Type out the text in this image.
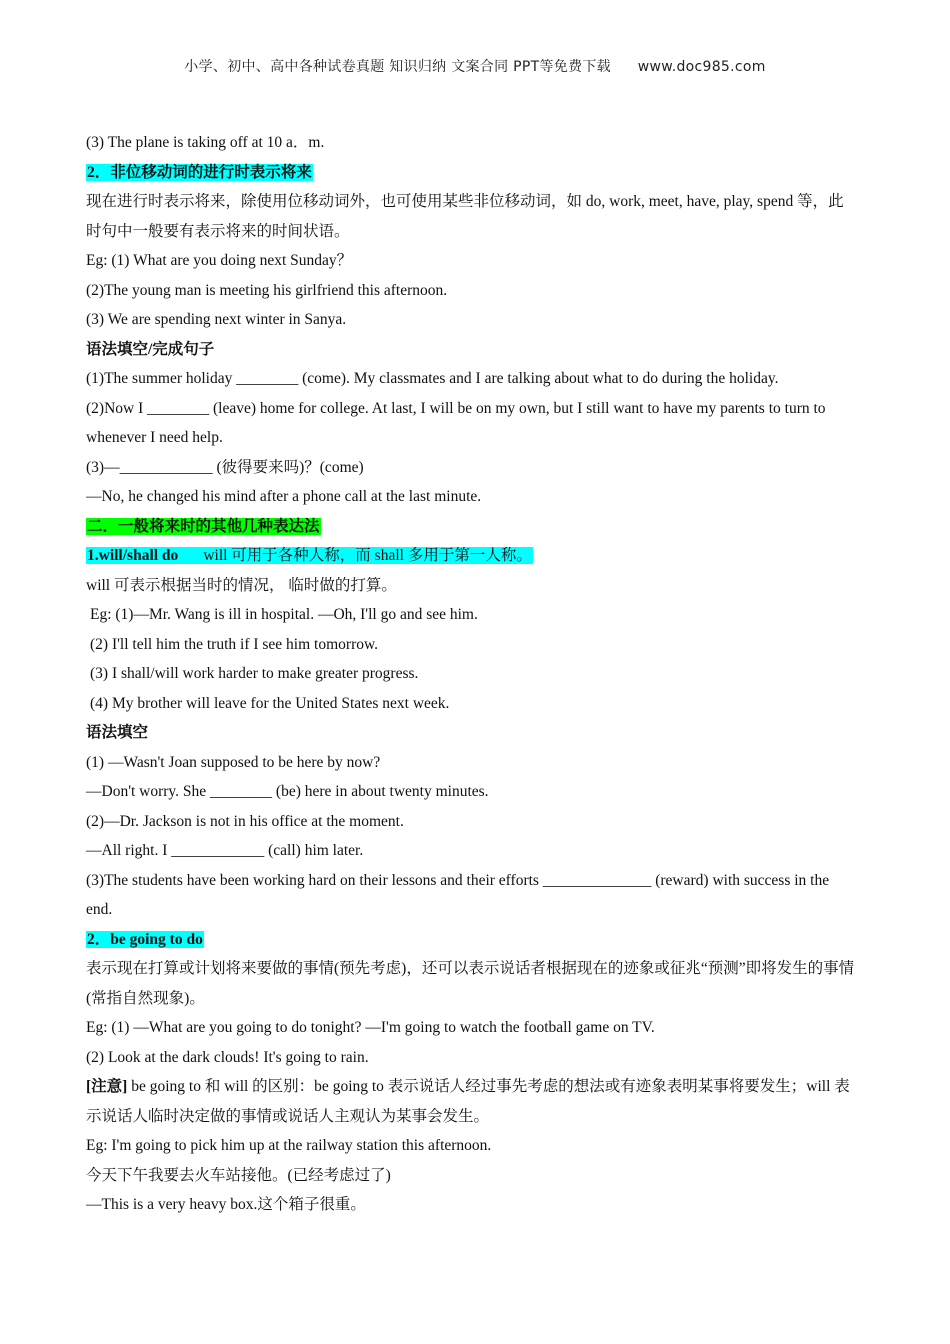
小学、初中、高中各种试卷真题 知识归纳 文案合同 PPT等免费下载 www.doc985.com
(3) The plane is taking off at 10 a．m.
2．非位移动词的进行时表示将来
现在进行时表示将来，除使用位移动词外，也可使用某些非位移动词，如 do, work, meet, have, play, spend 等，此时句中一般要有表示将来的时间状语。
Eg: (1) What are you doing next Sunday？
(2)The young man is meeting his girlfriend this afternoon.
(3) We are spending next winter in Sanya.
语法填空/完成句子
(1)The summer holiday ________ (come). My classmates and I are talking about what to do during the holiday.
(2)Now I ________ (leave) home for college. At last, I will be on my own, but I still want to have my parents to turn to whenever I need help.
(3)—____________ (彼得要来吗)？(come)
—No, he changed his mind after a phone call at the last minute.
二．一般将来时的其他几种表达法
1.will/shall do will 可用于各种人称，而 shall 多用于第一人称。
will 可表示根据当时的情况， 临时做的打算。
Eg: (1)—Mr. Wang is ill in hospital. —Oh, I'll go and see him.
(2) I'll tell him the truth if I see him tomorrow.
(3) I shall/will work harder to make greater progress.
(4) My brother will leave for the United States next week.
语法填空
(1) —Wasn't Joan supposed to be here by now?
—Don't worry. She ________ (be) here in about twenty minutes.
(2)—Dr. Jackson is not in his office at the moment.
—All right. I ____________ (call) him later.
(3)The students have been working hard on their lessons and their efforts ______________ (reward) with success in the end.
2．be going to do
表示现在打算或计划将来要做的事情(预先考虑)，还可以表示说话者根据现在的迹象或征兆“预测”即将发生的事情(常指自然现象)。
Eg: (1) —What are you going to do tonight? —I'm going to watch the football game on TV.
(2) Look at the dark clouds! It's going to rain.
[注意] be going to 和 will 的区别：be going to 表示说话人经过事先考虑的想法或有迹象表明某事将要发生；will 表示说话人临时决定做的事情或说话人主观认为某事会发生。
Eg: I'm going to pick him up at the railway station this afternoon.
今天下午我要去火车站接他。(已经考虑过了)
—This is a very heavy box.这个箱子很重。
